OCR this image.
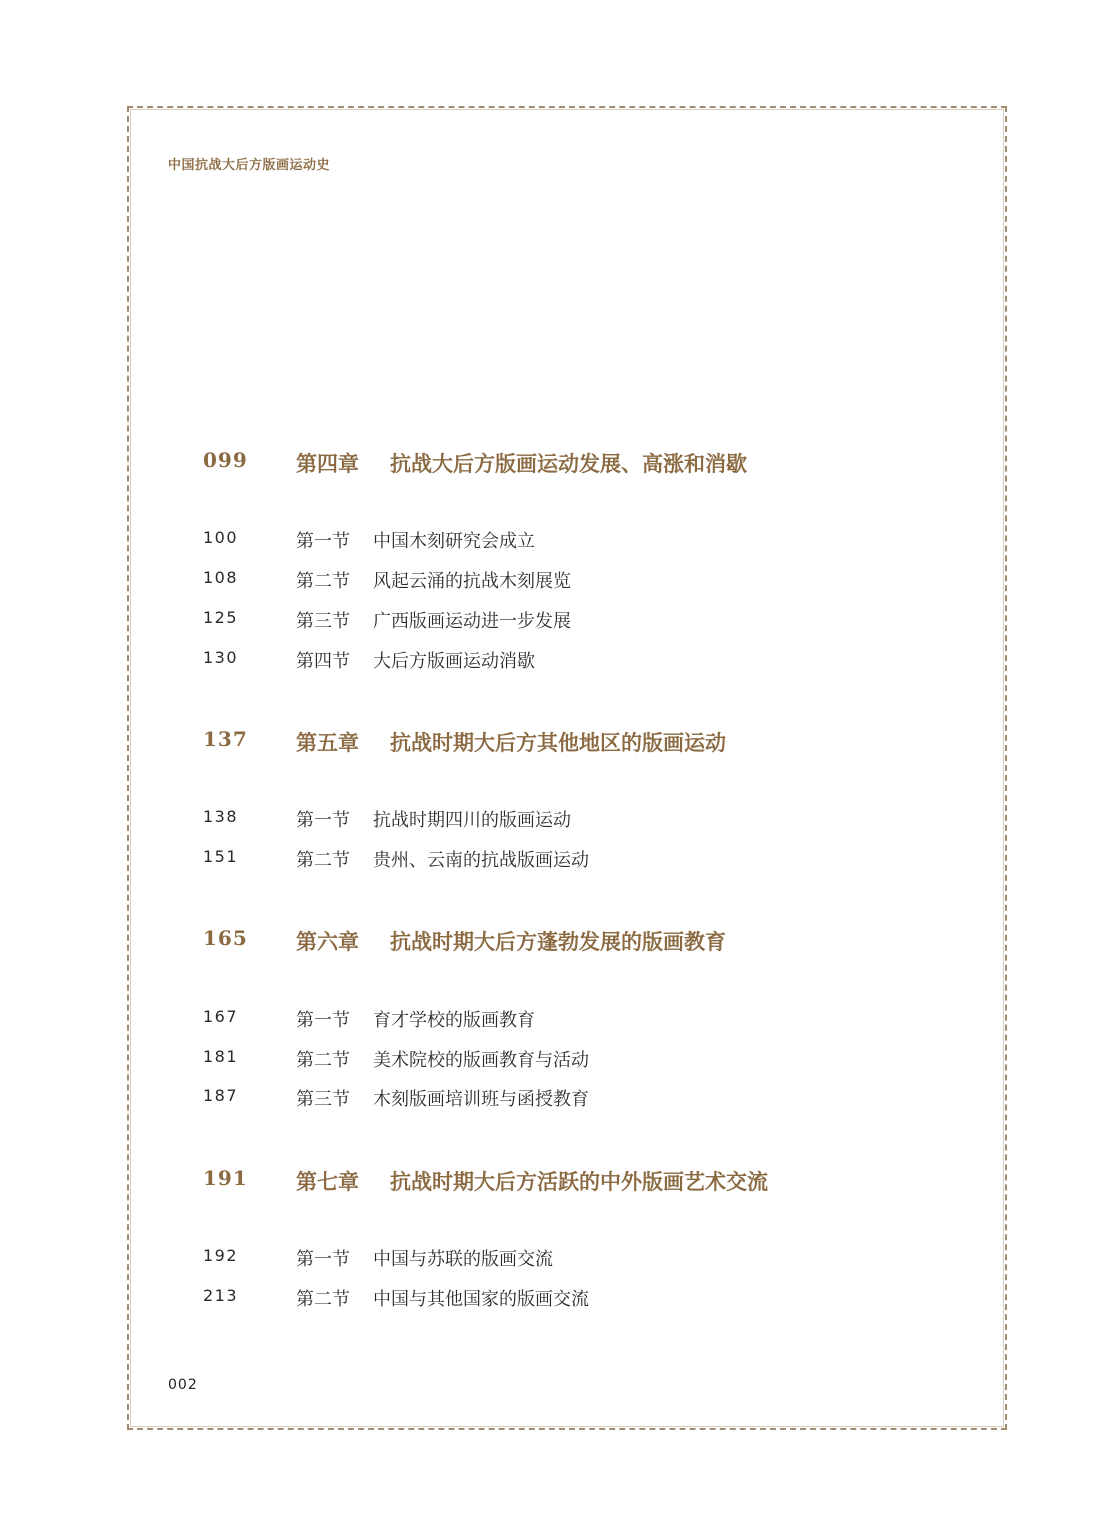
中国抗战大后方版画运动史
099 第四章 抗战大后方版画运动发展、高涨和消歇
100	第一节 中国木刻研究会成立
108	第二节 风起云涌的抗战木刻展览
125	第三节 广西版画运动进一步发展
130	第四节 大后方版画运动消歇
137 第五章 抗战时期大后方其他地区的版画运动
138	第一节 抗战时期四川的版画运动
151	第二节 贵州、云南的抗战版画运动
165 第六章 抗战时期大后方蓬勃发展的版画教育
167	第一节 育才学校的版画教育
181	第二节 美术院校的版画教育与活动
187	第三节 木刻版画培训班与函授教育
191 第七章 抗战时期大后方活跃的中外版画艺术交流
192	第一节 中国与苏联的版画交流
213	第二节 中国与其他国家的版画交流
002
